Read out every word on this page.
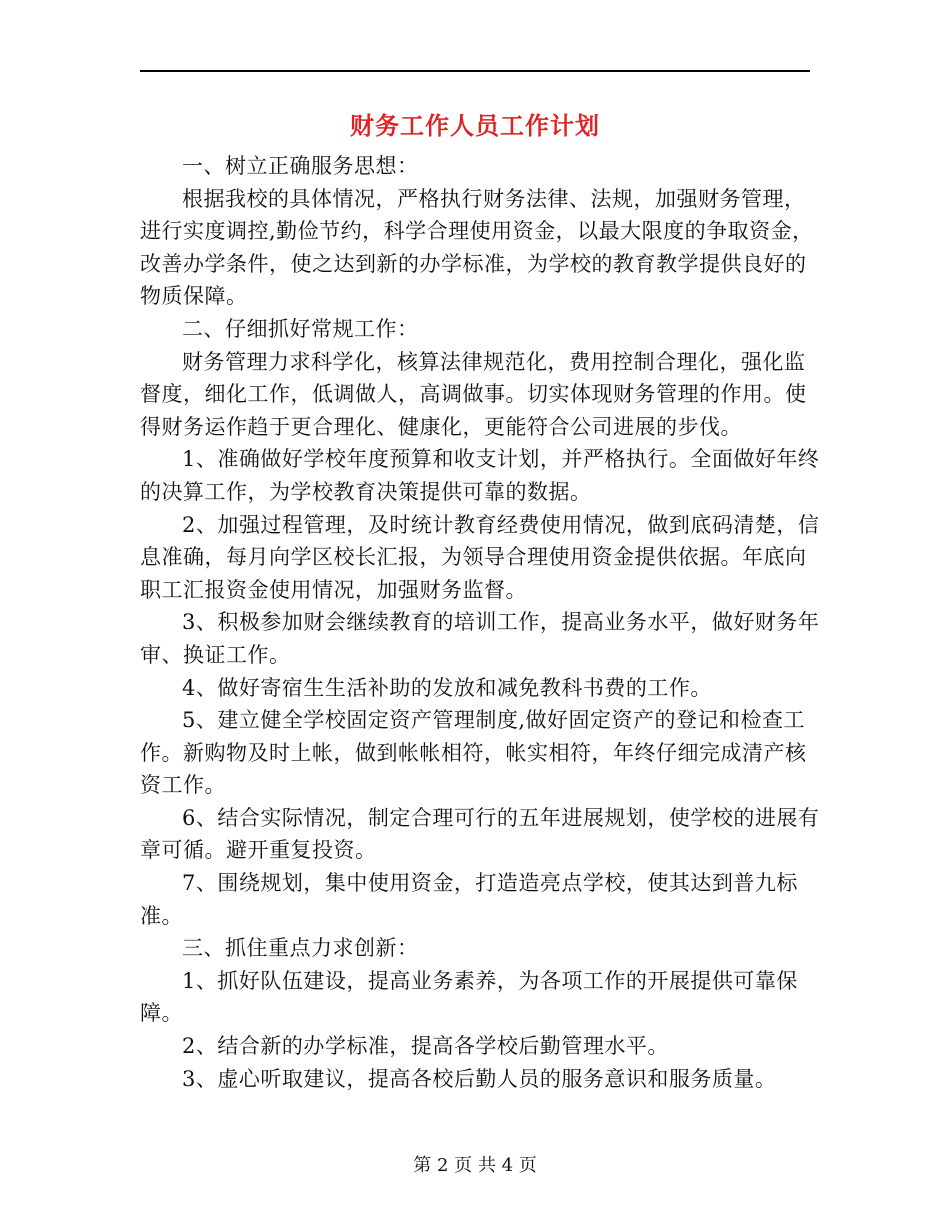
财务工作人员工作计划

一、树立正确服务思想：

根据我校的具体情况，严格执行财务法律、法规，加强财务管理，进行实度调控,勤俭节约，科学合理使用资金，以最大限度的争取资金，改善办学条件，使之达到新的办学标准，为学校的教育教学提供良好的物质保障。

二、仔细抓好常规工作：

财务管理力求科学化，核算法律规范化，费用控制合理化，强化监督度，细化工作，低调做人，高调做事。切实体现财务管理的作用。使得财务运作趋于更合理化、健康化，更能符合公司进展的步伐。

1、准确做好学校年度预算和收支计划，并严格执行。全面做好年终的决算工作，为学校教育决策提供可靠的数据。

2、加强过程管理，及时统计教育经费使用情况，做到底码清楚，信息准确，每月向学区校长汇报，为领导合理使用资金提供依据。年底向职工汇报资金使用情况，加强财务监督。

3、积极参加财会继续教育的培训工作，提高业务水平，做好财务年审、换证工作。

4、做好寄宿生生活补助的发放和减免教科书费的工作。

5、建立健全学校固定资产管理制度,做好固定资产的登记和检查工作。新购物及时上帐，做到帐帐相符，帐实相符，年终仔细完成清产核资工作。

6、结合实际情况，制定合理可行的五年进展规划，使学校的进展有章可循。避开重复投资。

7、围绕规划，集中使用资金，打造造亮点学校，使其达到普九标准。

三、抓住重点力求创新：

1、抓好队伍建设，提高业务素养，为各项工作的开展提供可靠保障。

2、结合新的办学标准，提高各学校后勤管理水平。

3、虚心听取建议，提高各校后勤人员的服务意识和服务质量。

第 2 页 共 4 页
